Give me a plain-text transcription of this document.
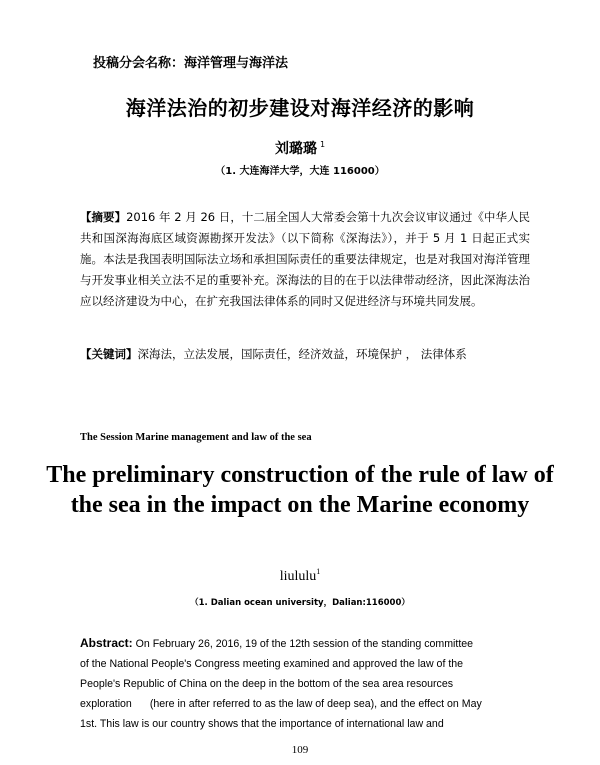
投稿分会名称：海洋管理与海洋法
海洋法治的初步建设对海洋经济的影响
刘璐璐 $^1$
（1. 大连海洋大学，大连 116000）
【摘要】2016 年 2 月 26 日，十二届全国人大常委会第十九次会议审议通过《中华人民共和国深海海底区域资源勘探开发法》（以下简称《深海法》），并于 5 月 1 日起正式实施。本法是我国表明国际法立场和承担国际责任的重要法律规定，也是对我国对海洋管理与开发事业相关立法不足的重要补充。深海法的目的在于以法律带动经济，因此深海法治应以经济建设为中心，在扩充我国法律体系的同时又促进经济与环境共同发展。
【关键词】深海法，立法发展，国际责任，经济效益，环境保护 ， 法律体系
The Session Marine management and law of the sea
The preliminary construction of the rule of law of the sea in the impact on the Marine economy
liululu$^1$
（1. Dalian ocean university，Dalian:116000）
Abstract: On February 26, 2016, 19 of the 12th session of the standing committee
of the National People's Congress meeting examined and approved the law of the
People's Republic of China on the deep in the bottom of the sea area resources
exploration (here in after referred to as the law of deep sea), and the effect on May
1st. This law is our country shows that the importance of international law and
109
